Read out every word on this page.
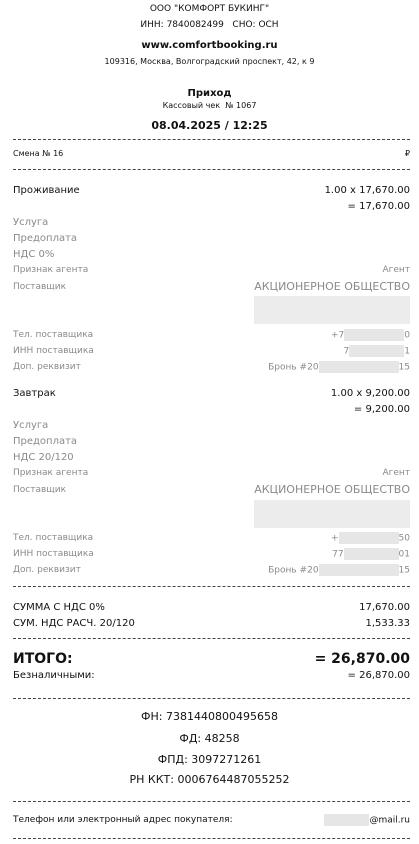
ООО "КОМФОРТ БУКИНГ"
ИНН: 7840082499   СНО: ОСН
www.comfortbooking.ru
109316, Москва, Волгоградский проспект, 42, к 9
Приход
Кассовый чек  № 1067
08.04.2025 / 12:25
Смена № 16	₽
Проживание	1.00 x 17,670.00
= 17,670.00
Услуга
Предоплата
НДС 0%
Признак агента	Агент
Поставщик	АКЦИОНЕРНОЕ ОБЩЕСТВО
Тел. поставщика	+7	0
ИНН поставщика	7	1
Доп. реквизит	Бронь #20	15
Завтрак	1.00 x 9,200.00
= 9,200.00
Услуга
Предоплата
НДС 20/120
Признак агента	Агент
Поставщик	АКЦИОНЕРНОЕ ОБЩЕСТВО
Тел. поставщика	+	50
ИНН поставщика	77	01
Доп. реквизит	Бронь #20	15
СУММА С НДС 0%	17,670.00
СУМ. НДС РАСЧ. 20/120	1,533.33
ИТОГО:	= 26,870.00
Безналичными:	= 26,870.00
ФН: 7381440800495658
ФД: 48258
ФПД: 3097271261
РН ККТ: 0006764487055252
Телефон или электронный адрес покупателя:	@mail.ru
